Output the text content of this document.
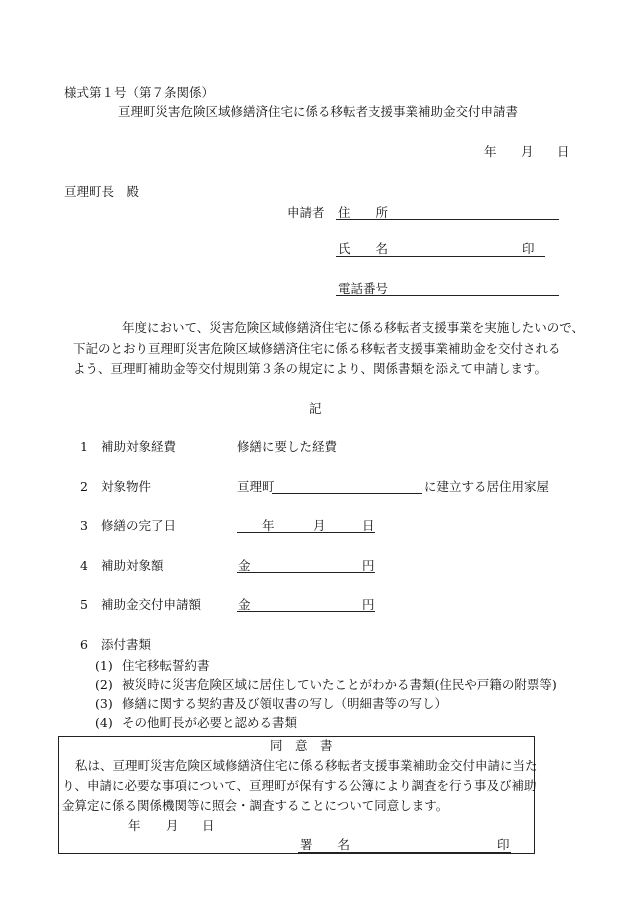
様式第１号（第７条関係）
亘理町災害危険区域修繕済住宅に係る移転者支援事業補助金交付申請書
年 月 日
亘理町長　殿
申請者 住　　所
氏　　名	印
電話番号
年度において、災害危険区域修繕済住宅に係る移転者支援事業を実施したいので、
下記のとおり亘理町災害危険区域修繕済住宅に係る移転者支援事業補助金を交付される
よう、亘理町補助金等交付規則第３条の規定により、関係書類を添えて申請します。
記
1 補助対象経費	修繕に要した経費
2 対象物件	亘理町	に建立する居住用家屋
3 修繕の完了日	年	月	日
4 補助対象額	金	円
5 補助金交付申請額	金	円
6 添付書類
(1) 住宅移転誓約書
(2) 被災時に災害危険区域に居住していたことがわかる書類(住民や戸籍の附票等)
(3) 修繕に関する契約書及び領収書の写し（明細書等の写し）
(4) その他町長が必要と認める書類
同　意　書
私は、亘理町災害危険区域修繕済住宅に係る移転者支援事業補助金交付申請に当た
り、申請に必要な事項について、亘理町が保有する公簿により調査を行う事及び補助
金算定に係る関係機関等に照会・調査することについて同意します。
年 月 日
署　　名	印
